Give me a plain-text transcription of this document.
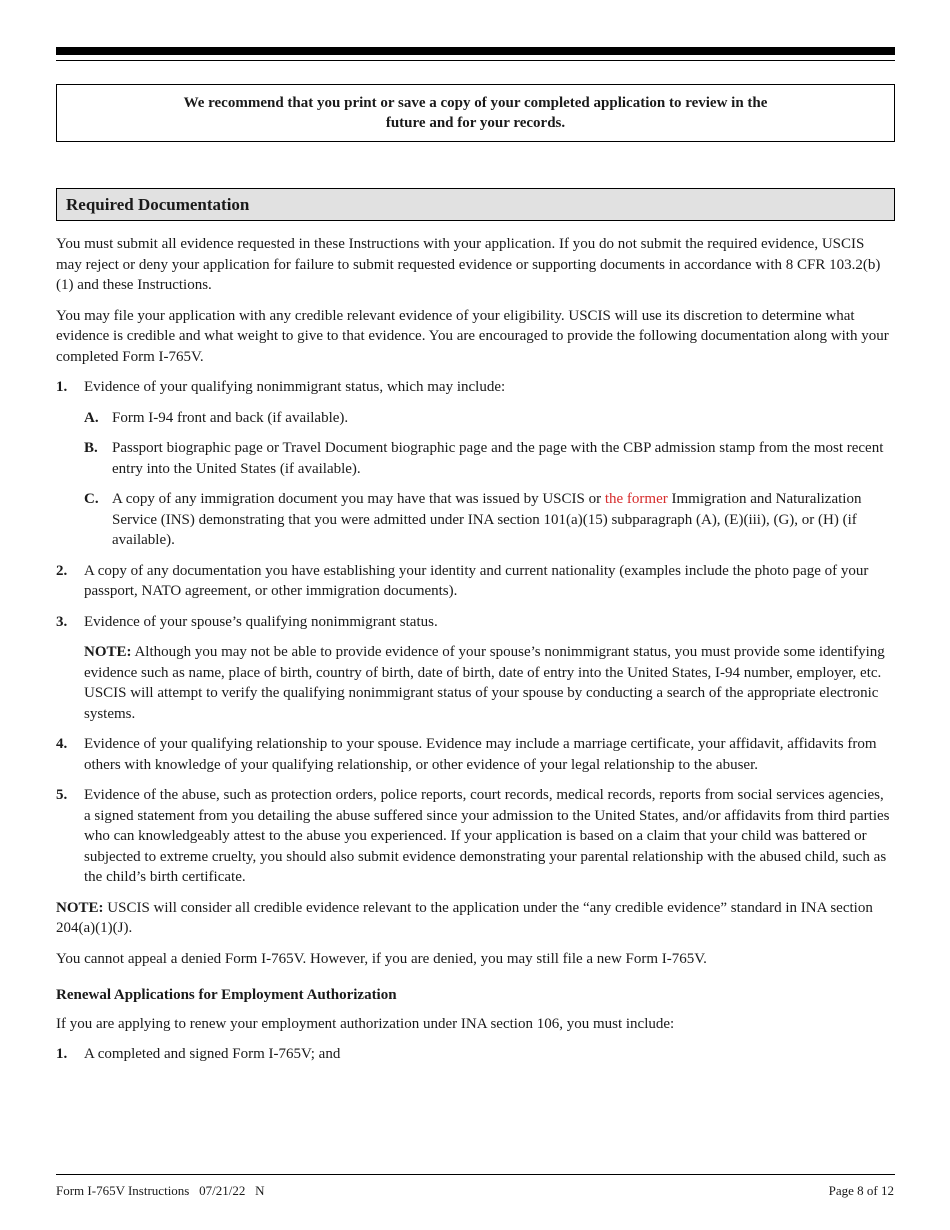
We recommend that you print or save a copy of your completed application to review in the
future and for your records.
Required Documentation

You must submit all evidence requested in these Instructions with your application. If you do not submit the required evidence, USCIS may reject or deny your application for failure to submit requested evidence or supporting documents in accordance with 8 CFR 103.2(b)(1) and these Instructions.

You may file your application with any credible relevant evidence of your eligibility. USCIS will use its discretion to determine what evidence is credible and what weight to give to that evidence. You are encouraged to provide the following documentation along with your completed Form I-765V.

1. Evidence of your qualifying nonimmigrant status, which may include:
A. Form I-94 front and back (if available).
B. Passport biographic page or Travel Document biographic page and the page with the CBP admission stamp from the most recent entry into the United States (if available).
C. A copy of any immigration document you may have that was issued by USCIS or the former Immigration and Naturalization Service (INS) demonstrating that you were admitted under INA section 101(a)(15) subparagraph (A), (E)(iii), (G), or (H) (if available).
2. A copy of any documentation you have establishing your identity and current nationality (examples include the photo page of your passport, NATO agreement, or other immigration documents).
3. Evidence of your spouse’s qualifying nonimmigrant status.

NOTE: Although you may not be able to provide evidence of your spouse’s nonimmigrant status, you must provide some identifying evidence such as name, place of birth, country of birth, date of birth, date of entry into the United States, I-94 number, employer, etc. USCIS will attempt to verify the qualifying nonimmigrant status of your spouse by conducting a search of the appropriate electronic systems.

4. Evidence of your qualifying relationship to your spouse. Evidence may include a marriage certificate, your affidavit, affidavits from others with knowledge of your qualifying relationship, or other evidence of your legal relationship to the abuser.
5. Evidence of the abuse, such as protection orders, police reports, court records, medical records, reports from social services agencies, a signed statement from you detailing the abuse suffered since your admission to the United States, and/or affidavits from third parties who can knowledgeably attest to the abuse you experienced. If your application is based on a claim that your child was battered or subjected to extreme cruelty, you should also submit evidence demonstrating your parental relationship with the abused child, such as the child’s birth certificate.

NOTE: USCIS will consider all credible evidence relevant to the application under the “any credible evidence” standard in INA section 204(a)(1)(J).

You cannot appeal a denied Form I-765V. However, if you are denied, you may still file a new Form I-765V.

Renewal Applications for Employment Authorization

If you are applying to renew your employment authorization under INA section 106, you must include:

1. A completed and signed Form I-765V; and
Form I-765V Instructions   07/21/22   N	Page 8 of 12
